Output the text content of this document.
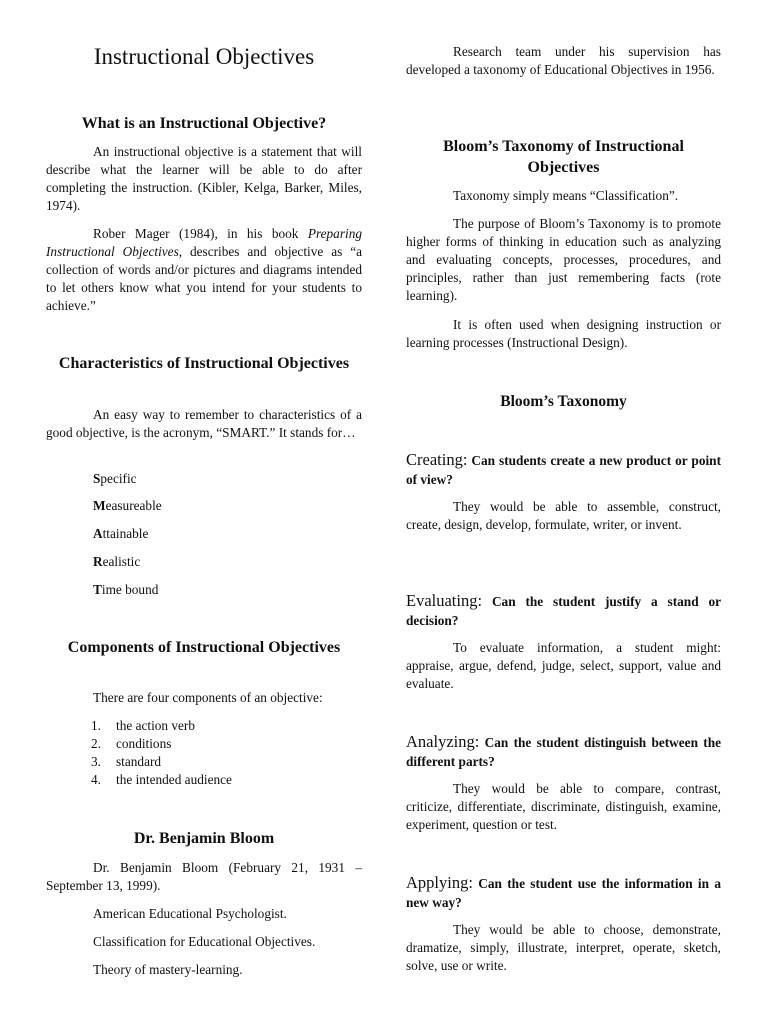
Instructional Objectives
What is an Instructional Objective?

An instructional objective is a statement that will describe what the learner will be able to do after completing the instruction. (Kibler, Kelga, Barker, Miles, 1974).

Rober Mager (1984), in his book Preparing Instructional Objectives, describes and objective as “a collection of words and/or pictures and diagrams intended to let others know what you intend for your students to achieve.”

Characteristics of Instructional Objectives

An easy way to remember to characteristics of a good objective, is the acronym, “SMART.” It stands for…

Specific

Measureable

Attainable

Realistic

Time bound

Components of Instructional Objectives

There are four components of an objective:

1. the action verb
2. conditions
3. standard
4. the intended audience
Dr. Benjamin Bloom

Dr. Benjamin Bloom (February 21, 1931 – September 13, 1999).

American Educational Psychologist.

Classification for Educational Objectives.

Theory of mastery-learning.

Research team under his supervision has developed a taxonomy of Educational Objectives in 1956.

Bloom’s Taxonomy of Instructional Objectives

Taxonomy simply means “Classification”.

The purpose of Bloom’s Taxonomy is to promote higher forms of thinking in education such as analyzing and evaluating concepts, processes, procedures, and principles, rather than just remembering facts (rote learning).

It is often used when designing instruction or learning processes (Instructional Design).

Bloom’s Taxonomy

Creating: Can students create a new product or point of view?

They would be able to assemble, construct, create, design, develop, formulate, writer, or invent.

Evaluating: Can the student justify a stand or decision?

To evaluate information, a student might: appraise, argue, defend, judge, select, support, value and evaluate.

Analyzing: Can the student distinguish between the different parts?

They would be able to compare, contrast, criticize, differentiate, discriminate, distinguish, examine, experiment, question or test.

Applying: Can the student use the information in a new way?

They would be able to choose, demonstrate, dramatize, simply, illustrate, interpret, operate, sketch, solve, use or write.
